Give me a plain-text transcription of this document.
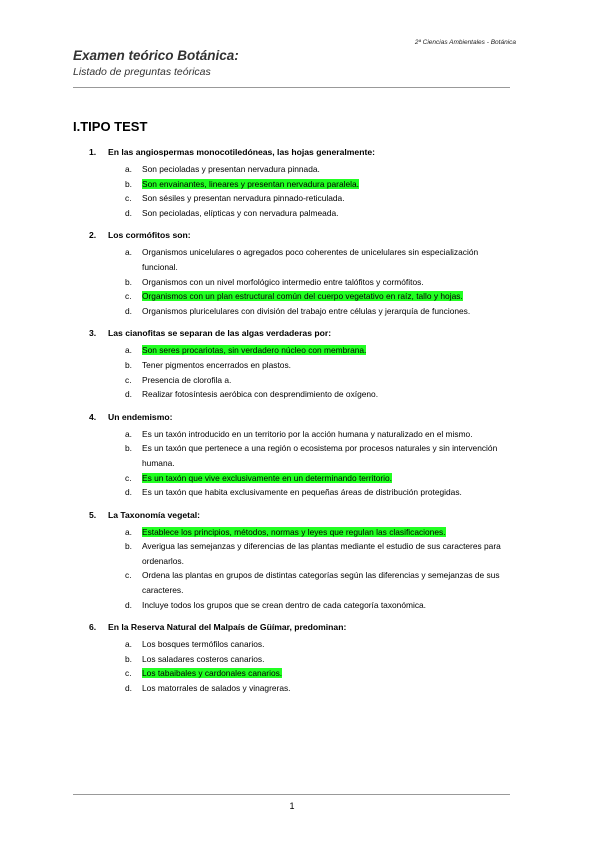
2ª Ciencias Ambientales - Botánica
Examen teórico Botánica:
Listado de preguntas teóricas
I.TIPO TEST
1.	En las angiospermas monocotiledóneas, las hojas generalmente:
a.	Son pecioladas y presentan nervadura pinnada.
b.	Son envainantes, lineares y presentan nervadura paralela.
c.	Son sésiles y presentan nervadura pinnado-reticulada.
d.	Son pecioladas, elípticas y con nervadura palmeada.
2.	Los cormófitos son:
a.	Organismos unicelulares o agregados poco coherentes de unicelulares sin especialización funcional.
b.	Organismos con un nivel morfológico intermedio entre talófitos y cormófitos.
c.	Organismos con un plan estructural común del cuerpo vegetativo en raíz, tallo y hojas.
d.	Organismos pluricelulares con división del trabajo entre células y jerarquía de funciones.
3.	Las cianofitas se separan de las algas verdaderas por:
a.	Son seres procariotas, sin verdadero núcleo con membrana.
b.	Tener pigmentos encerrados en plastos.
c.	Presencia de clorofila a.
d.	Realizar fotosíntesis aeróbica con desprendimiento de oxígeno.
4.	Un endemismo:
a.	Es un taxón introducido en un territorio por la acción humana y naturalizado en el mismo.
b.	Es un taxón que pertenece a una región o ecosistema por procesos naturales y sin intervención humana.
c.	Es un taxón que vive exclusivamente en un determinando territorio.
d.	Es un taxón que habita exclusivamente en pequeñas áreas de distribución protegidas.
5.	La Taxonomía vegetal:
a.	Establece los principios, métodos, normas y leyes que regulan las clasificaciones.
b.	Averigua las semejanzas y diferencias de las plantas mediante el estudio de sus caracteres para ordenarlos.
c.	Ordena las plantas en grupos de distintas categorías según las diferencias y semejanzas de sus caracteres.
d.	Incluye todos los grupos que se crean dentro de cada categoría taxonómica.
6.	En la Reserva Natural del Malpaís de Güímar, predominan:
a.	Los bosques termófilos canarios.
b.	Los saladares costeros canarios.
c.	Los tabaibales y cardonales canarios.
d.	Los matorrales de salados y vinagreras.
1
